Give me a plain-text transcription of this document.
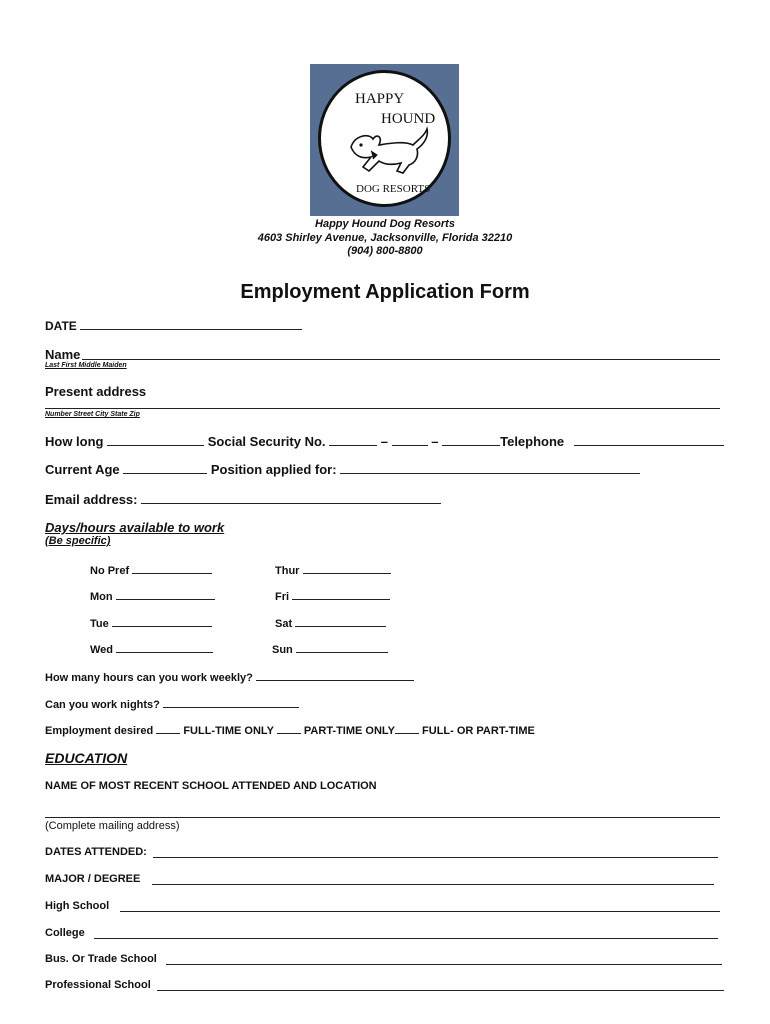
HAPPY
HOUND
DOG RESORTS
Happy Hound Dog Resorts
4603 Shirley Avenue, Jacksonville, Florida 32210
(904) 800-8800
Employment Application Form
DATE
Name
Last First Middle Maiden
Present address
Number Street City State Zip
How long	Social Security No.	–	–	Telephone
Current Age	Position applied for:
Email address:
Days/hours available to work
(Be specific)
No Pref	Thur
Mon	Fri
Tue	Sat
Wed	Sun
How many hours can you work weekly?
Can you work nights?
Employment desired	FULL-TIME ONLY	PART-TIME ONLY FULL- OR PART-TIME
EDUCATION
NAME OF MOST RECENT SCHOOL ATTENDED AND LOCATION
(Complete mailing address)
DATES ATTENDED:
MAJOR / DEGREE
High School
College
Bus. Or Trade School
Professional School
